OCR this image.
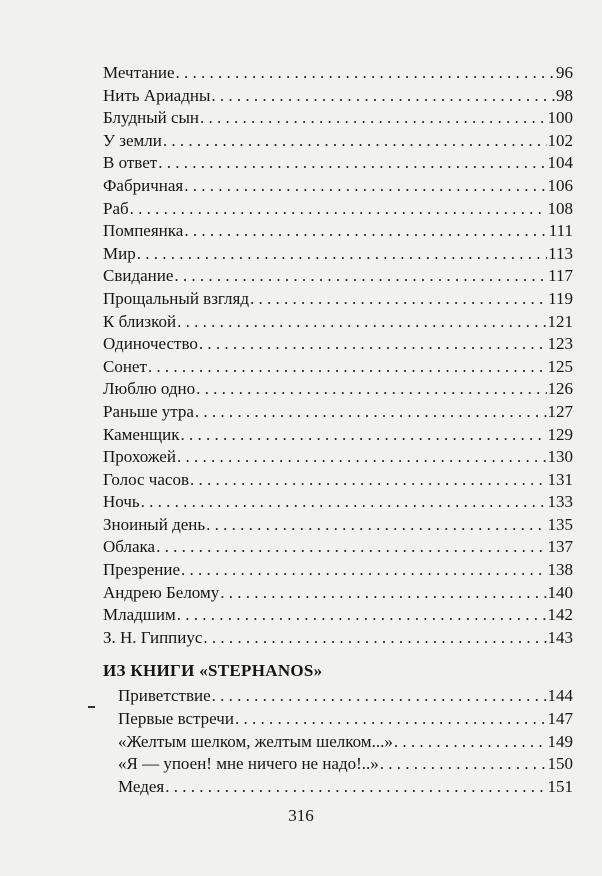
Мечтание . . .	96
Нить Ариадны . . .	98
Блудный сын . . .	100
У земли . . .	102
В ответ . . .	104
Фабричная . . .	106
Раб . . .	108
Помпеянка . . .	111
Мир . . .	113
Свидание . . .	117
Прощальный взгляд . . .	119
К близкой . . .	121
Одиночество . . .	123
Сонет . . .	125
Люблю одно . . .	126
Раньше утра . . .	127
Каменщик . . .	129
Прохожей . . .	130
Голос часов . . .	131
Ночь . . .	133
Зноиный день . . .	135
Облака . . .	137
Презрение . . .	138
Андрею Белому . . .	140
Младшим . . .	142
З. Н. Гиппиус . . .	143
ИЗ КНИГИ «STEPHANOS»
Приветствие . . .	144
Первые встречи . . .	147
«Желтым шелком, желтым шелком...» . . .	149
«Я — упоен! мне ничего не надо!..» . . .	150
Медея . . .	151
316
